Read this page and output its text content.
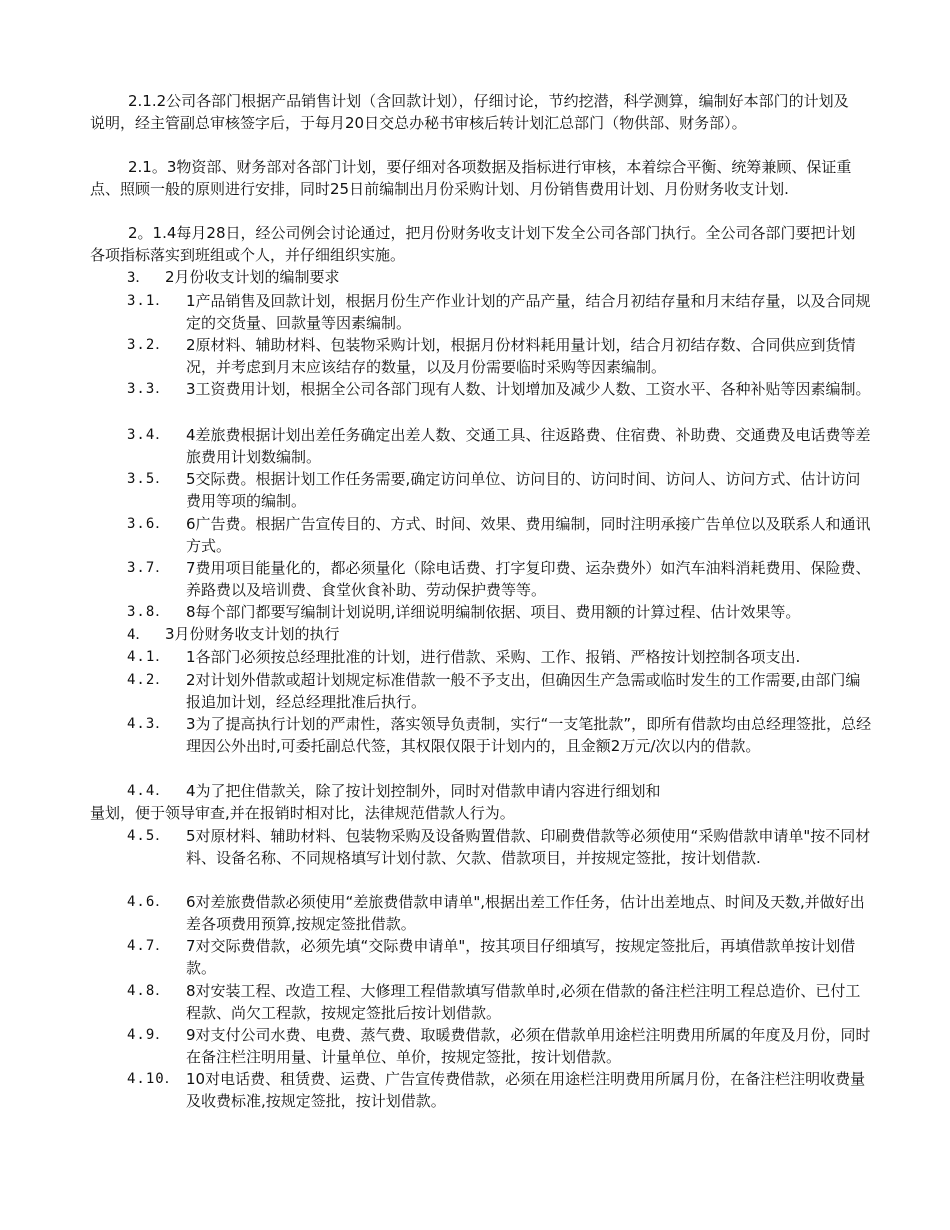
2.1.2公司各部门根据产品销售计划（含回款计划），仔细讨论，节约挖潜，科学测算，编制好本部门的计划及说明，经主管副总审核签字后，于每月20日交总办秘书审核后转计划汇总部门（物供部、财务部）。
2.1。3物资部、财务部对各部门计划，要仔细对各项数据及指标进行审核，本着综合平衡、统筹兼顾、保证重点、照顾一般的原则进行安排，同时25日前编制出月份采购计划、月份销售费用计划、月份财务收支计划.
2。1.4每月28日，经公司例会讨论通过，把月份财务收支计划下发全公司各部门执行。全公司各部门要把计划各项指标落实到班组或个人，并仔细组织实施。
3． 2月份收支计划的编制要求
3.1．	1产品销售及回款计划，根据月份生产作业计划的产品产量，结合月初结存量和月末结存量，以及合同规定的交货量、回款量等因素编制。
3.2．	2原材料、辅助材料、包装物采购计划，根据月份材料耗用量计划，结合月初结存数、合同供应到货情况，并考虑到月末应该结存的数量，以及月份需要临时采购等因素编制。
3.3．	3工资费用计划，根据全公司各部门现有人数、计划增加及减少人数、工资水平、各种补贴等因素编制。
3.4．	4差旅费根据计划出差任务确定出差人数、交通工具、往返路费、住宿费、补助费、交通费及电话费等差旅费用计划数编制。
3.5．	5交际费。根据计划工作任务需要,确定访问单位、访问目的、访问时间、访问人、访问方式、估计访问费用等项的编制。
3.6．	6广告费。根据广告宣传目的、方式、时间、效果、费用编制，同时注明承接广告单位以及联系人和通讯方式。
3.7．	7费用项目能量化的，都必须量化（除电话费、打字复印费、运杂费外）如汽车油料消耗费用、保险费、养路费以及培训费、食堂伙食补助、劳动保护费等等。
3.8．	8每个部门都要写编制计划说明,详细说明编制依据、项目、费用额的计算过程、估计效果等。
4． 3月份财务收支计划的执行
4.1．	1各部门必须按总经理批准的计划，进行借款、采购、工作、报销、严格按计划控制各项支出.
4.2．	2对计划外借款或超计划规定标准借款一般不予支出，但确因生产急需或临时发生的工作需要,由部门编报追加计划，经总经理批准后执行。
4.3．	3为了提高执行计划的严肃性，落实领导负责制，实行“一支笔批款”，即所有借款均由总经理签批，总经理因公外出时,可委托副总代签，其权限仅限于计划内的，且金额2万元/次以内的借款。
4.4．	4为了把住借款关，除了按计划控制外，同时对借款申请内容进行细划和
量划，便于领导审查,并在报销时相对比，法律规范借款人行为。
4.5．	5对原材料、辅助材料、包装物采购及设备购置借款、印刷费借款等必须使用“采购借款申请单"按不同材料、设备名称、不同规格填写计划付款、欠款、借款项目，并按规定签批，按计划借款.
4.6．	6对差旅费借款必须使用“差旅费借款申请单",根据出差工作任务，估计出差地点、时间及天数,并做好出差各项费用预算,按规定签批借款。
4.7．	7对交际费借款，必须先填“交际费申请单"，按其项目仔细填写，按规定签批后，再填借款单按计划借款。
4.8．	8对安装工程、改造工程、大修理工程借款填写借款单时,必须在借款的备注栏注明工程总造价、已付工程款、尚欠工程款，按规定签批后按计划借款。
4.9．	9对支付公司水费、电费、蒸气费、取暖费借款，必须在借款单用途栏注明费用所属的年度及月份，同时在备注栏注明用量、计量单位、单价，按规定签批，按计划借款。
4.10． 10对电话费、租赁费、运费、广告宣传费借款，必须在用途栏注明费用所属月份，在备注栏注明收费量及收费标准,按规定签批，按计划借款。
